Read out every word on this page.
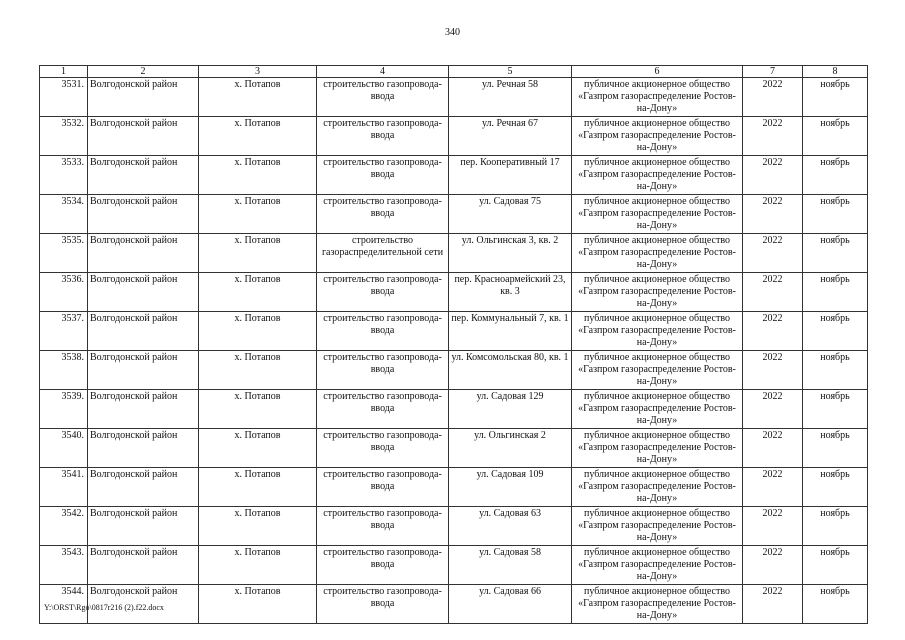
340
1	2	3	4	5	6	7	8
3531.	Волгодонской район	х. Потапов	строительство газопровода-ввода	ул. Речная 58	публичное акционерное общество «Газпром газораспределение Ростов-на-Дону»	2022	ноябрь
3532.	Волгодонской район	х. Потапов	строительство газопровода-ввода	ул. Речная 67	публичное акционерное общество «Газпром газораспределение Ростов-на-Дону»	2022	ноябрь
3533.	Волгодонской район	х. Потапов	строительство газопровода-ввода	пер. Кооперативный 17	публичное акционерное общество «Газпром газораспределение Ростов-на-Дону»	2022	ноябрь
3534.	Волгодонской район	х. Потапов	строительство газопровода-ввода	ул. Садовая 75	публичное акционерное общество «Газпром газораспределение Ростов-на-Дону»	2022	ноябрь
3535.	Волгодонской район	х. Потапов	строительство газораспределительной сети	ул. Ольгинская 3, кв. 2	публичное акционерное общество «Газпром газораспределение Ростов-на-Дону»	2022	ноябрь
3536.	Волгодонской район	х. Потапов	строительство газопровода-ввода	пер. Красноармейский 23, кв. 3	публичное акционерное общество «Газпром газораспределение Ростов-на-Дону»	2022	ноябрь
3537.	Волгодонской район	х. Потапов	строительство газопровода-ввода	пер. Коммунальный 7, кв. 1	публичное акционерное общество «Газпром газораспределение Ростов-на-Дону»	2022	ноябрь
3538.	Волгодонской район	х. Потапов	строительство газопровода-ввода	ул. Комсомольская 80, кв. 1	публичное акционерное общество «Газпром газораспределение Ростов-на-Дону»	2022	ноябрь
3539.	Волгодонской район	х. Потапов	строительство газопровода-ввода	ул. Садовая 129	публичное акционерное общество «Газпром газораспределение Ростов-на-Дону»	2022	ноябрь
3540.	Волгодонской район	х. Потапов	строительство газопровода-ввода	ул. Ольгинская 2	публичное акционерное общество «Газпром газораспределение Ростов-на-Дону»	2022	ноябрь
3541.	Волгодонской район	х. Потапов	строительство газопровода-ввода	ул. Садовая 109	публичное акционерное общество «Газпром газораспределение Ростов-на-Дону»	2022	ноябрь
3542.	Волгодонской район	х. Потапов	строительство газопровода-ввода	ул. Садовая 63	публичное акционерное общество «Газпром газораспределение Ростов-на-Дону»	2022	ноябрь
3543.	Волгодонской район	х. Потапов	строительство газопровода-ввода	ул. Садовая 58	публичное акционерное общество «Газпром газораспределение Ростов-на-Дону»	2022	ноябрь
3544.	Волгодонской район	х. Потапов	строительство газопровода-ввода	ул. Садовая 66	публичное акционерное общество «Газпром газораспределение Ростов-на-Дону»	2022	ноябрь
Y:\ORST\Rgo\0817r216 (2).f22.docx
